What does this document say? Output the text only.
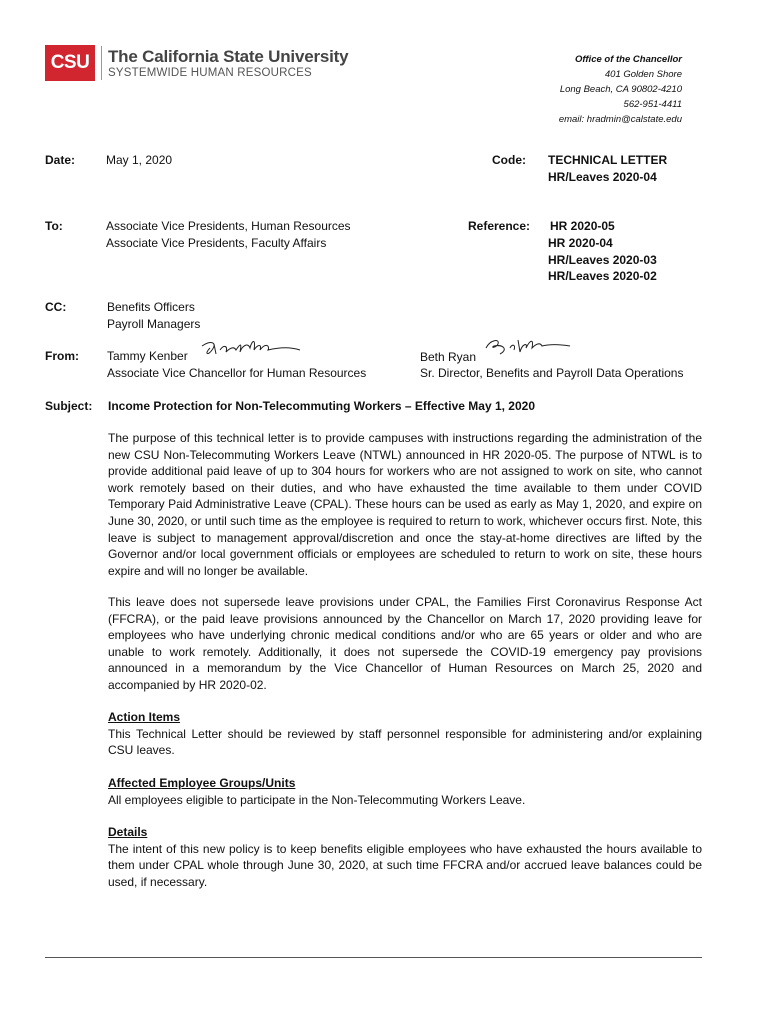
CSU	The California State University
SYSTEMWIDE HUMAN RESOURCES
Office of the Chancellor
401 Golden Shore
Long Beach, CA 90802-4210
562-951-4411
email: hradmin@calstate.edu
Date:	May 1, 2020	Code: TECHNICAL LETTER
HR/Leaves 2020-04
To:	Associate Vice Presidents, Human Resources
Associate Vice Presidents, Faculty Affairs
Reference: HR 2020-05
HR 2020-04
HR/Leaves 2020-03
HR/Leaves 2020-02
CC:	Benefits Officers
Payroll Managers
From: Tammy Kenber
Associate Vice Chancellor for Human Resources
Beth Ryan
Sr. Director, Benefits and Payroll Data Operations
Subject: Income Protection for Non-Telecommuting Workers – Effective May 1, 2020
The purpose of this technical letter is to provide campuses with instructions regarding the administration of the new CSU Non-Telecommuting Workers Leave (NTWL) announced in HR 2020-05. The purpose of NTWL is to provide additional paid leave of up to 304 hours for workers who are not assigned to work on site, who cannot work remotely based on their duties, and who have exhausted the time available to them under COVID Temporary Paid Administrative Leave (CPAL). These hours can be used as early as May 1, 2020, and expire on June 30, 2020, or until such time as the employee is required to return to work, whichever occurs first. Note, this leave is subject to management approval/discretion and once the stay-at-home directives are lifted by the Governor and/or local government officials or employees are scheduled to return to work on site, these hours expire and will no longer be available.
This leave does not supersede leave provisions under CPAL, the Families First Coronavirus Response Act (FFCRA), or the paid leave provisions announced by the Chancellor on March 17, 2020 providing leave for employees who have underlying chronic medical conditions and/or who are 65 years or older and who are unable to work remotely. Additionally, it does not supersede the COVID-19 emergency pay provisions announced in a memorandum by the Vice Chancellor of Human Resources on March 25, 2020 and accompanied by HR 2020-02.
Action Items
This Technical Letter should be reviewed by staff personnel responsible for administering and/or explaining CSU leaves.
Affected Employee Groups/Units
All employees eligible to participate in the Non-Telecommuting Workers Leave.
Details
The intent of this new policy is to keep benefits eligible employees who have exhausted the hours available to them under CPAL whole through June 30, 2020, at such time FFCRA and/or accrued leave balances could be used, if necessary.
